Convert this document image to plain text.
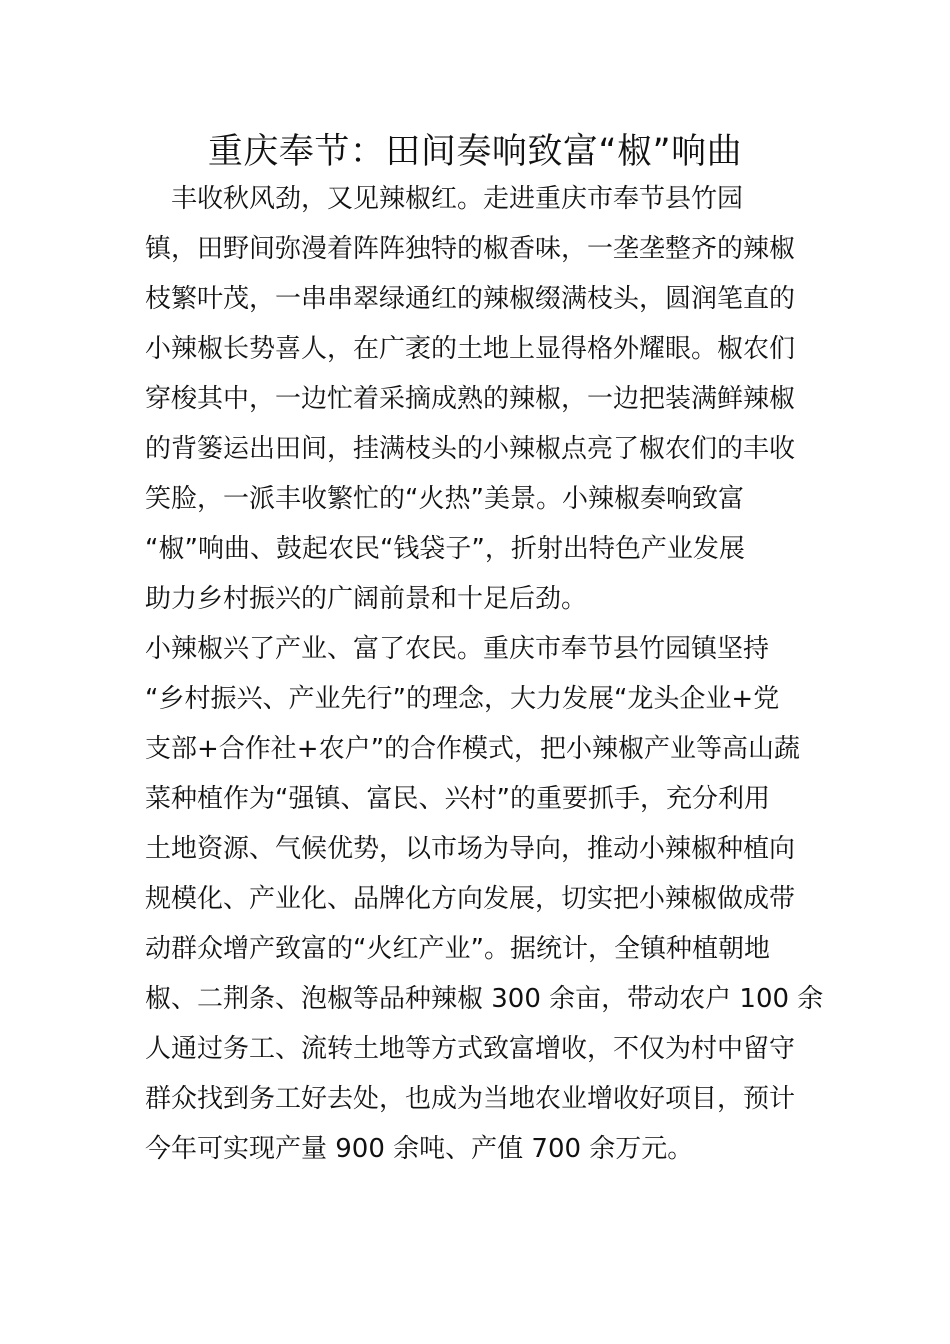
重庆奉节：田间奏响致富“椒”响曲
　丰收秋风劲，又见辣椒红。走进重庆市奉节县竹园
镇，田野间弥漫着阵阵独特的椒香味，一垄垄整齐的辣椒
枝繁叶茂，一串串翠绿通红的辣椒缀满枝头，圆润笔直的
小辣椒长势喜人，在广袤的土地上显得格外耀眼。椒农们
穿梭其中，一边忙着采摘成熟的辣椒，一边把装满鲜辣椒
的背篓运出田间，挂满枝头的小辣椒点亮了椒农们的丰收
笑脸，一派丰收繁忙的“火热”美景。小辣椒奏响致富
“椒”响曲、鼓起农民“钱袋子”，折射出特色产业发展
助力乡村振兴的广阔前景和十足后劲。
小辣椒兴了产业、富了农民。重庆市奉节县竹园镇坚持
“乡村振兴、产业先行”的理念，大力发展“龙头企业+党
支部+合作社+农户”的合作模式，把小辣椒产业等高山蔬
菜种植作为“强镇、富民、兴村”的重要抓手，充分利用
土地资源、气候优势，以市场为导向，推动小辣椒种植向
规模化、产业化、品牌化方向发展，切实把小辣椒做成带
动群众增产致富的“火红产业”。据统计，全镇种植朝地
椒、二荆条、泡椒等品种辣椒 300 余亩，带动农户 100 余
人通过务工、流转土地等方式致富增收，不仅为村中留守
群众找到务工好去处，也成为当地农业增收好项目，预计
今年可实现产量 900 余吨、产值 700 余万元。
